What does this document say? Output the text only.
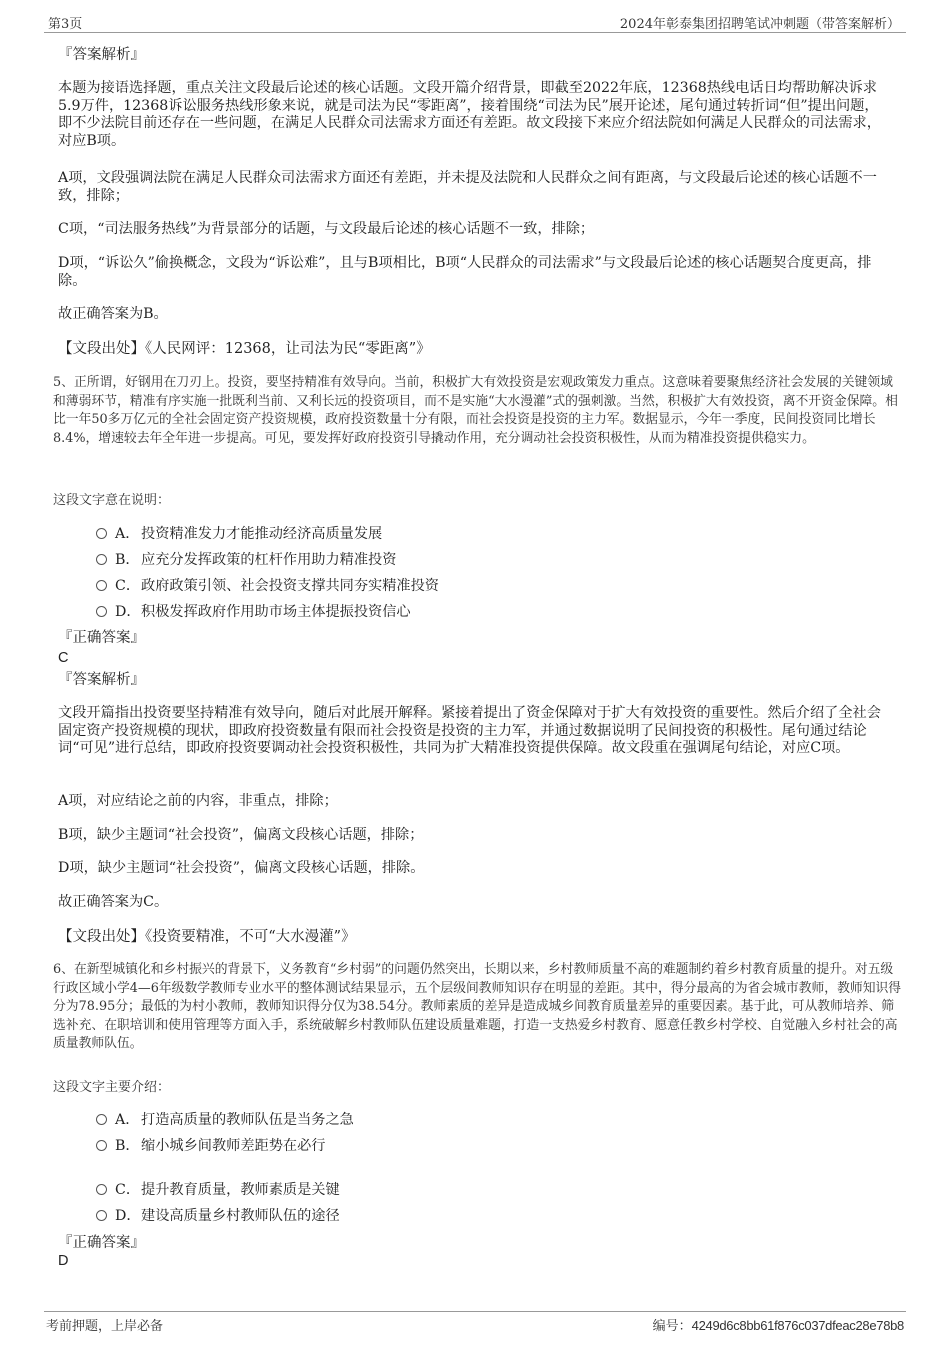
第3页	2024年彰泰集团招聘笔试冲刺题（带答案解析）

『答案解析』

本题为接语选择题，重点关注文段最后论述的核心话题。文段开篇介绍背景，即截至2022年底，12368热线电话日均帮助解决诉求5.9万件，12368诉讼服务热线形象来说，就是司法为民“零距离”，接着围绕“司法为民”展开论述，尾句通过转折词“但”提出问题，即不少法院目前还存在一些问题，在满足人民群众司法需求方面还有差距。故文段接下来应介绍法院如何满足人民群众的司法需求，对应B项。

A项，文段强调法院在满足人民群众司法需求方面还有差距，并未提及法院和人民群众之间有距离，与文段最后论述的核心话题不一致，排除；

C项，“司法服务热线”为背景部分的话题，与文段最后论述的核心话题不一致，排除；

D项，“诉讼久”偷换概念，文段为“诉讼难”，且与B项相比，B项“人民群众的司法需求”与文段最后论述的核心话题契合度更高，排除。

故正确答案为B。

【文段出处】《人民网评：12368，让司法为民“零距离”》

5、正所谓，好钢用在刀刃上。投资，要坚持精准有效导向。当前，积极扩大有效投资是宏观政策发力重点。这意味着要聚焦经济社会发展的关键领域和薄弱环节，精准有序实施一批既利当前、又利长远的投资项目，而不是实施“大水漫灌”式的强刺激。当然，积极扩大有效投资，离不开资金保障。相比一年50多万亿元的全社会固定资产投资规模，政府投资数量十分有限，而社会投资是投资的主力军。数据显示，今年一季度，民间投资同比增长8.4%，增速较去年全年进一步提高。可见，要发挥好政府投资引导撬动作用，充分调动社会投资积极性，从而为精准投资提供稳实力。

这段文字意在说明：

A． 投资精准发力才能推动经济高质量发展
B．应充分发挥政策的杠杆作用助力精准投资
C．政府政策引领、社会投资支撑共同夯实精准投资
D．积极发挥政府作用助市场主体提振投资信心

『正确答案』

C

『答案解析』

文段开篇指出投资要坚持精准有效导向，随后对此展开解释。紧接着提出了资金保障对于扩大有效投资的重要性。然后介绍了全社会固定资产投资规模的现状，即政府投资数量有限而社会投资是投资的主力军，并通过数据说明了民间投资的积极性。尾句通过结论词“可见”进行总结，即政府投资要调动社会投资积极性，共同为扩大精准投资提供保障。故文段重在强调尾句结论，对应C项。

A项，对应结论之前的内容，非重点，排除；

B项，缺少主题词“社会投资”，偏离文段核心话题，排除；

D项，缺少主题词“社会投资”，偏离文段核心话题，排除。

故正确答案为C。

【文段出处】《投资要精准，不可“大水漫灌”》

6、在新型城镇化和乡村振兴的背景下，义务教育“乡村弱”的问题仍然突出，长期以来，乡村教师质量不高的难题制约着乡村教育质量的提升。对五级行政区域小学4—6年级数学教师专业水平的整体测试结果显示，五个层级间教师知识存在明显的差距。其中，得分最高的为省会城市教师，教师知识得分为78.95分；最低的为村小教师，教师知识得分仅为38.54分。教师素质的差异是造成城乡间教育质量差异的重要因素。基于此，可从教师培养、筛选补充、在职培训和使用管理等方面入手，系统破解乡村教师队伍建设质量难题，打造一支热爱乡村教育、愿意任教乡村学校、自觉融入乡村社会的高质量教师队伍。

这段文字主要介绍：

A． 打造高质量的教师队伍是当务之急
B．缩小城乡间教师差距势在必行
C．提升教育质量，教师素质是关键
D．建设高质量乡村教师队伍的途径

『正确答案』

D

考前押题，上岸必备	编号：4249d6c8bb61f876c037dfeac28e78b8
